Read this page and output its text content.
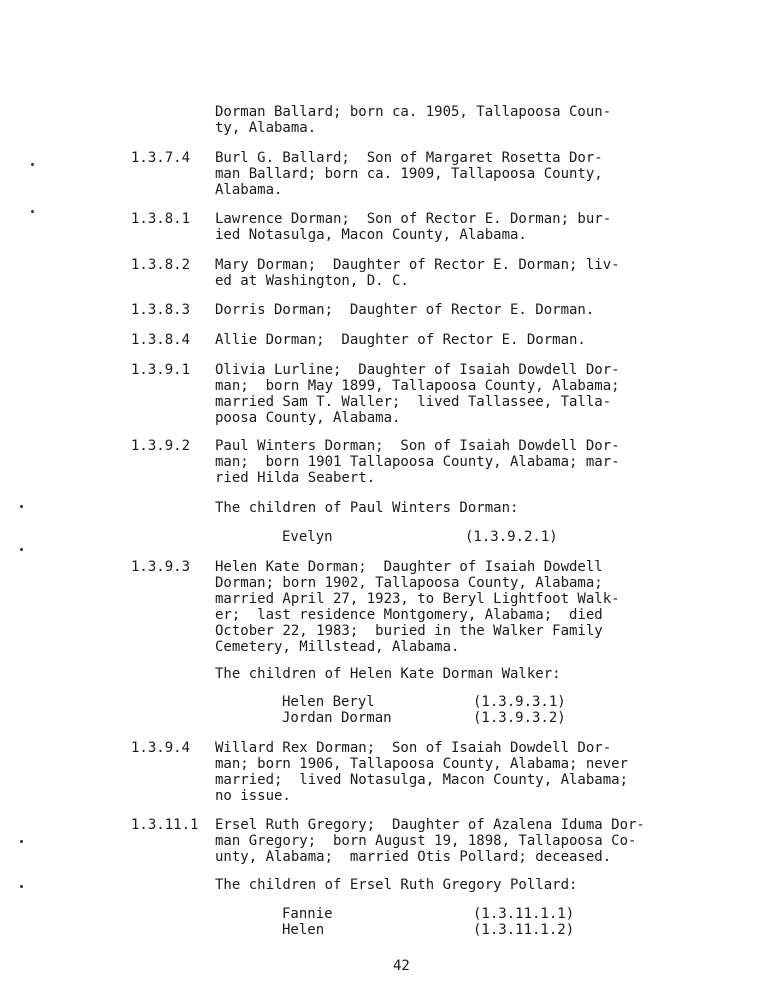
Dorman Ballard; born ca. 1905, Tallapoosa Coun-
ty, Alabama.
1.3.7.4 Burl G. Ballard;  Son of Margaret Rosetta Dor-
man Ballard; born ca. 1909, Tallapoosa County,
Alabama.
1.3.8.1 Lawrence Dorman;  Son of Rector E. Dorman; bur-
ied Notasulga, Macon County, Alabama.
1.3.8.2 Mary Dorman;  Daughter of Rector E. Dorman; liv-
ed at Washington, D. C.
1.3.8.3 Dorris Dorman;  Daughter of Rector E. Dorman.
1.3.8.4 Allie Dorman;  Daughter of Rector E. Dorman.
1.3.9.1 Olivia Lurline;  Daughter of Isaiah Dowdell Dor-
man;  born May 1899, Tallapoosa County, Alabama;
married Sam T. Waller;  lived Tallassee, Talla-
poosa County, Alabama.
1.3.9.2 Paul Winters Dorman;  Son of Isaiah Dowdell Dor-
man;  born 1901 Tallapoosa County, Alabama; mar-
ried Hilda Seabert.
The children of Paul Winters Dorman:
Evelyn	(1.3.9.2.1)
1.3.9.3 Helen Kate Dorman;  Daughter of Isaiah Dowdell
Dorman; born 1902, Tallapoosa County, Alabama;
married April 27, 1923, to Beryl Lightfoot Walk-
er;  last residence Montgomery, Alabama;  died
October 22, 1983;  buried in the Walker Family
Cemetery, Millstead, Alabama.
The children of Helen Kate Dorman Walker:
Helen Beryl	(1.3.9.3.1)
Jordan Dorman	(1.3.9.3.2)
1.3.9.4 Willard Rex Dorman;  Son of Isaiah Dowdell Dor-
man; born 1906, Tallapoosa County, Alabama; never
married;  lived Notasulga, Macon County, Alabama;
no issue.
1.3.11.1 Ersel Ruth Gregory;  Daughter of Azalena Iduma Dor-
man Gregory;  born August 19, 1898, Tallapoosa Co-
unty, Alabama;  married Otis Pollard; deceased.
The children of Ersel Ruth Gregory Pollard:
Fannie	(1.3.11.1.1)
Helen	(1.3.11.1.2)
42
